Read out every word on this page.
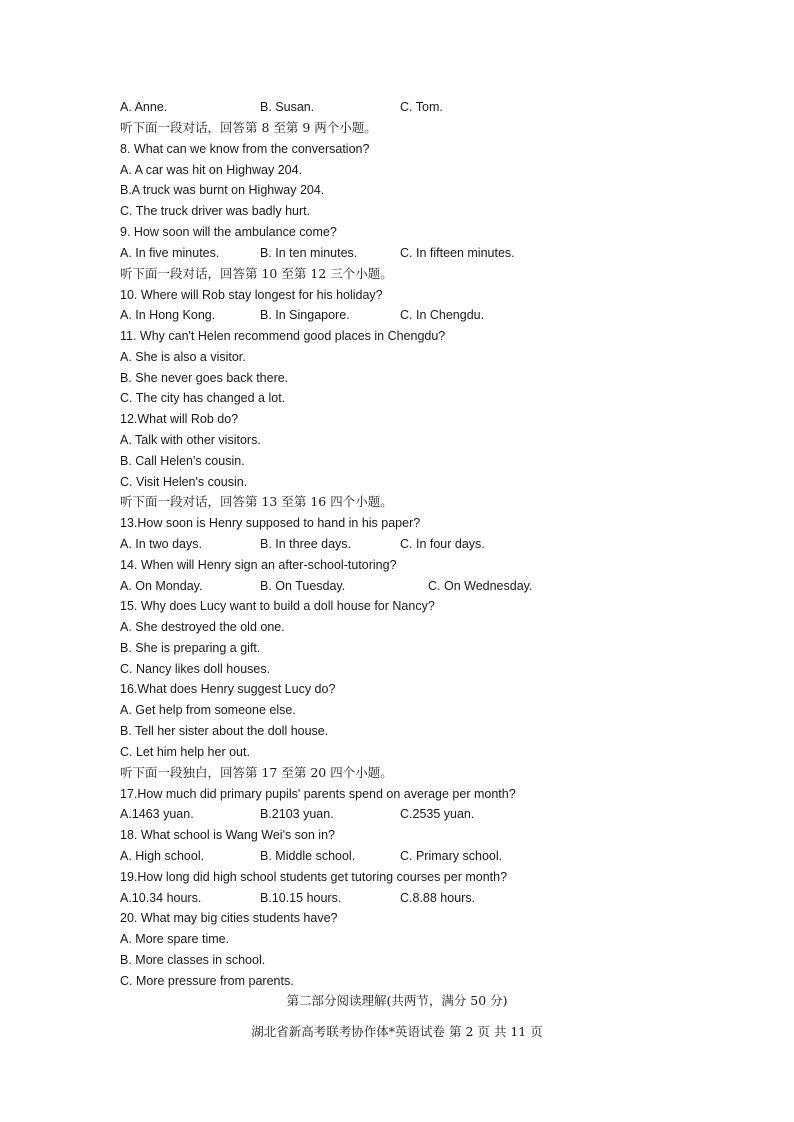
A. Anne.	B. Susan.	C. Tom.
听下面一段对话，回答第 8 至第 9 两个小题。
8. What can we know from the conversation?
A. A car was hit on Highway 204.
B.A truck was burnt on Highway 204.
C. The truck driver was badly hurt.
9. How soon will the ambulance come?
A. In five minutes.	B. In ten minutes.	C. In fifteen minutes.
听下面一段对话，回答第 10 至第 12 三个小题。
10. Where will Rob stay longest for his holiday?
A. In Hong Kong.	B. In Singapore.	C. In Chengdu.
11. Why can't Helen recommend good places in Chengdu?
A. She is also a visitor.
B. She never goes back there.
C. The city has changed a lot.
12.What will Rob do?
A. Talk with other visitors.
B. Call Helen's cousin.
C. Visit Helen's cousin.
听下面一段对话，回答第 13 至第 16 四个小题。
13.How soon is Henry supposed to hand in his paper?
A. In two days.	B. In three days.	C. In four days.
14. When will Henry sign an after-school-tutoring?
A. On Monday.	B. On Tuesday.	C. On Wednesday.
15. Why does Lucy want to build a doll house for Nancy?
A. She destroyed the old one.
B. She is preparing a gift.
C. Nancy likes doll houses.
16.What does Henry suggest Lucy do?
A. Get help from someone else.
B. Tell her sister about the doll house.
C. Let him help her out.
听下面一段独白，回答第 17 至第 20 四个小题。
17.How much did primary pupils' parents spend on average per month?
A.1463 yuan.	B.2103 yuan.	C.2535 yuan.
18. What school is Wang Wei's son in?
A. High school.	B. Middle school.	C. Primary school.
19.How long did high school students get tutoring courses per month?
A.10.34 hours.	B.10.15 hours.	C.8.88 hours.
20. What may big cities students have?
A. More spare time.
B. More classes in school.
C. More pressure from parents.
第二部分阅读理解(共两节，满分 50 分)
湖北省新高考联考协作体*英语试卷 第 2 页 共 11 页
